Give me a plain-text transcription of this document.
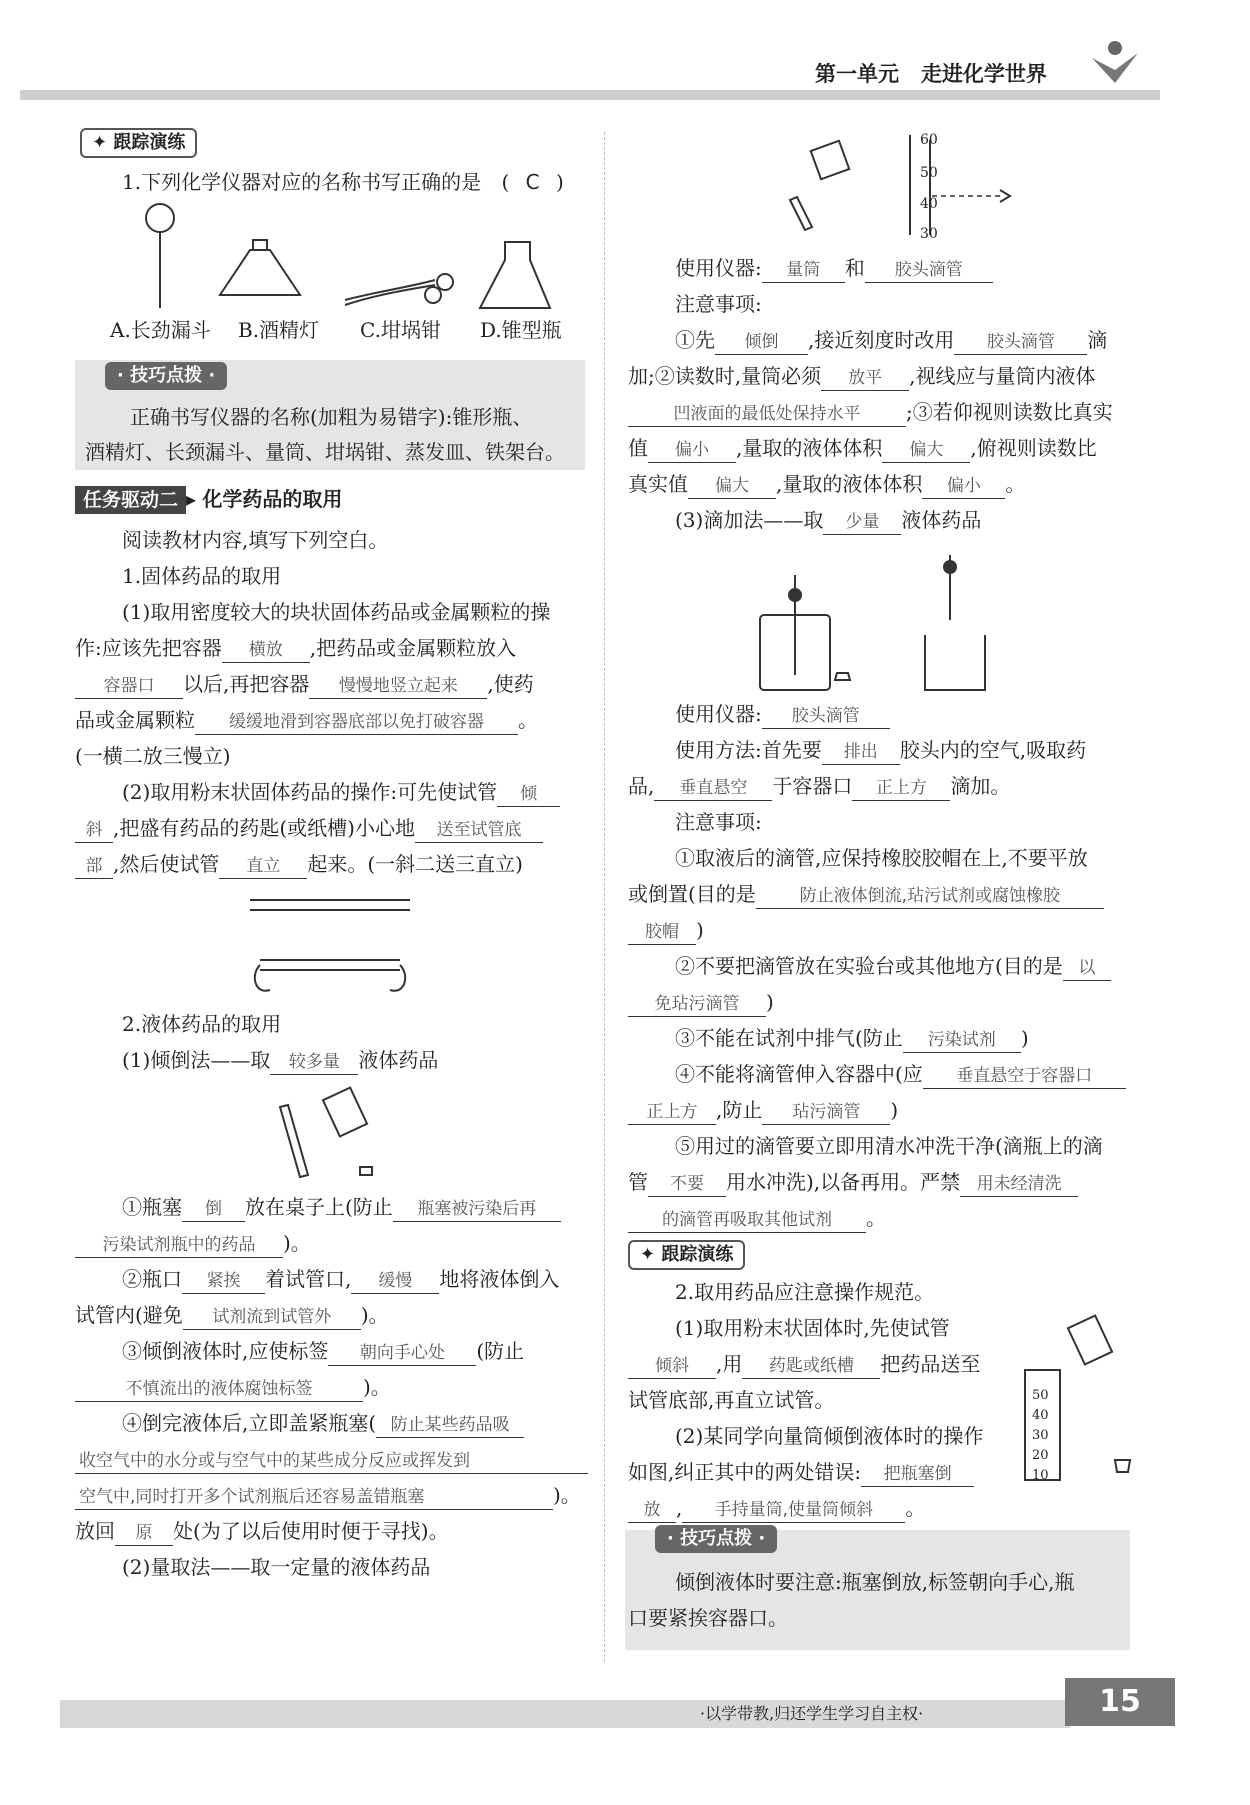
第一单元 走进化学世界
✦ 跟踪演练
1.下列化学仪器对应的名称书写正确的是 ( C )
A.长劲漏斗 B.酒精灯 C.坩埚钳 D.锥型瓶
· 技巧点拨 ·
正确书写仪器的名称(加粗为易错字):锥形瓶、
酒精灯、长颈漏斗、量筒、坩埚钳、蒸发皿、铁架台。
任务驱动二 ▸ 化学药品的取用
阅读教材内容,填写下列空白。
1.固体药品的取用
(1)取用密度较大的块状固体药品或金属颗粒的操
作:应该先把容器 横放 ,把药品或金属颗粒放入
容器口 以后,再把容器 慢慢地竖立起来 ,使药
品或金属颗粒 缓缓地滑到容器底部以免打破容器 。
(一横二放三慢立)
(2)取用粉末状固体药品的操作:可先使试管 倾
斜 ,把盛有药品的药匙(或纸槽)小心地 送至试管底
部 ,然后使试管 直立 起来。(一斜二送三直立)
2.液体药品的取用
(1)倾倒法——取 较多量 液体药品
①瓶塞 倒 放在桌子上(防止 瓶塞被污染后再
污染试剂瓶中的药品 )。
②瓶口 紧挨 着试管口, 缓慢 地将液体倒入
试管内(避免 试剂流到试管外 )。
③倾倒液体时,应使标签 朝向手心处 (防止
不慎流出的液体腐蚀标签	)。
④倒完液体后,立即盖紧瓶塞( 防止某些药品吸
收空气中的水分或与空气中的某些成分反应或挥发到
空气中,同时打开多个试剂瓶后还容易盖错瓶塞	)。
放回 原 处(为了以后使用时便于寻找)。
(2)量取法——取一定量的液体药品
60
50
40
30
使用仪器: 量筒 和 胶头滴管
注意事项:
①先 倾倒 ,接近刻度时改用 胶头滴管 滴
加;②读数时,量筒必须 放平 ,视线应与量筒内液体
凹液面的最低处保持水平 ;③若仰视则读数比真实
值 偏小 ,量取的液体体积 偏大 ,俯视则读数比
真实值 偏大 ,量取的液体体积 偏小 。
(3)滴加法——取 少量 液体药品
使用仪器: 胶头滴管
使用方法:首先要 排出 胶头内的空气,吸取药
品, 垂直悬空 于容器口 正上方 滴加。
注意事项:
①取液后的滴管,应保持橡胶胶帽在上,不要平放
或倒置(目的是	防止液体倒流,玷污试剂或腐蚀橡胶
胶帽 )
②不要把滴管放在实验台或其他地方(目的是 以
免玷污滴管 )
③不能在试剂中排气(防止 污染试剂 )
④不能将滴管伸入容器中(应 垂直悬空于容器口
正上方 ,防止 玷污滴管 )
⑤用过的滴管要立即用清水冲洗干净(滴瓶上的滴
管 不要 用水冲洗),以备再用。严禁 用未经清洗
的滴管再吸取其他试剂 。
✦ 跟踪演练
2.取用药品应注意操作规范。
(1)取用粉末状固体时,先使试管
倾斜 ,用 药匙或纸槽 把药品送至
试管底部,再直立试管。
(2)某同学向量筒倾倒液体时的操作
如图,纠正其中的两处错误: 把瓶塞倒
放 , 手持量筒,使量筒倾斜 。
50
40
30
20
10
· 技巧点拨 ·
倾倒液体时要注意:瓶塞倒放,标签朝向手心,瓶
口要紧挨容器口。
·以学带教,归还学生学习自主权·	15
